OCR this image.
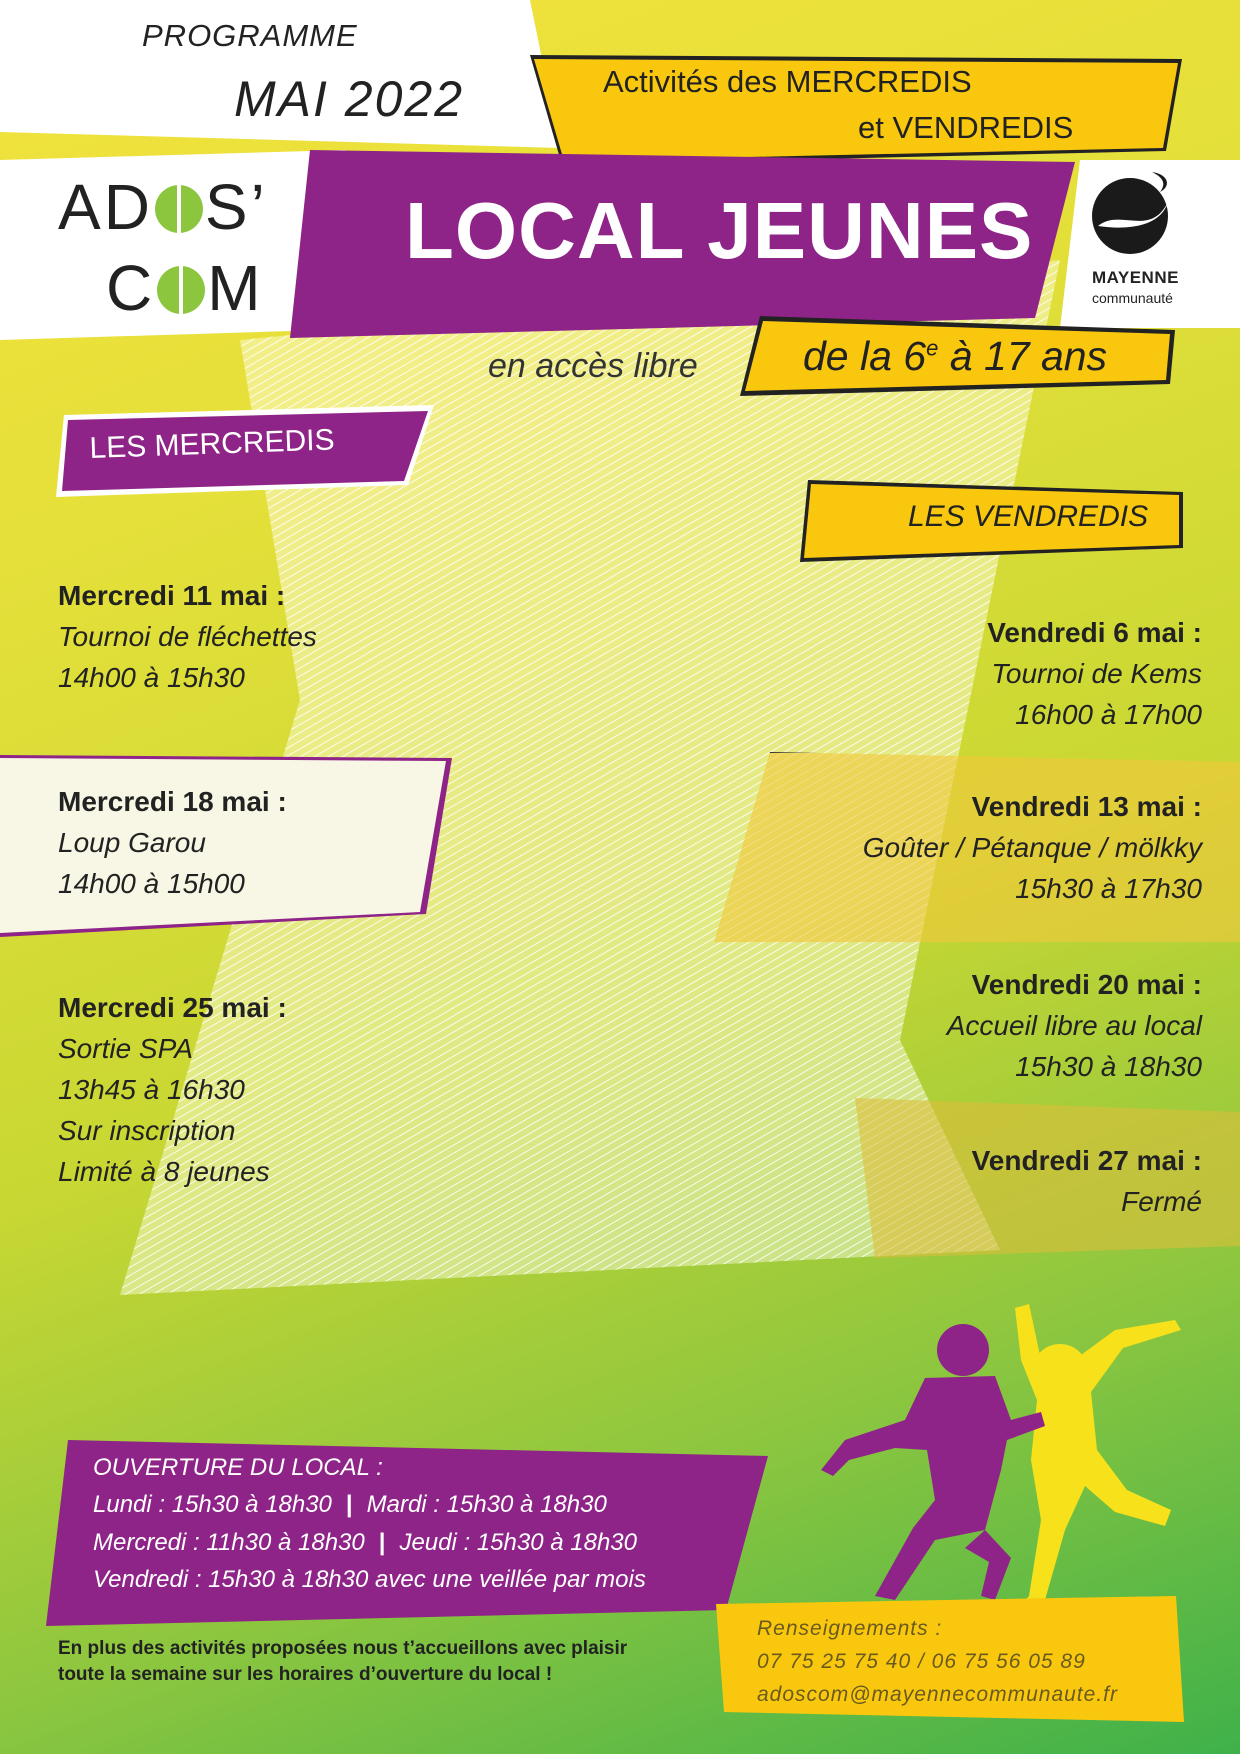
PROGRAMME
MAI 2022	Activités des MERCREDIS
et VENDREDIS
LOCAL JEUNES
AD S’
C M	MAYENNE
communauté
en accès libre	de la 6e à 17 ans
LES MERCREDIS
LES VENDREDIS
Mercredi 11 mai :
Tournoi de fléchettes
14h00 à 15h30
Mercredi 18 mai :
Loup Garou
14h00 à 15h00
Mercredi 25 mai :
Sortie SPA
13h45 à 16h30
Sur inscription
Limité à 8 jeunes
Vendredi 6 mai :
Tournoi de Kems
16h00 à 17h00
Vendredi 13 mai :
Goûter / Pétanque / mölkky
15h30 à 17h30
Vendredi 20 mai :
Accueil libre au local
15h30 à 18h30
Vendredi 27 mai :
Fermé
OUVERTURE DU LOCAL :
Lundi : 15h30 à 18h30 | Mardi : 15h30 à 18h30
Mercredi : 11h30 à 18h30 | Jeudi : 15h30 à 18h30
Vendredi : 15h30 à 18h30 avec une veillée par mois
En plus des activités proposées nous t’accueillons avec plaisir
toute la semaine sur les horaires d’ouverture du local !
Renseignements :
07 75 25 75 40 / 06 75 56 05 89
adoscom@mayennecommunaute.fr
